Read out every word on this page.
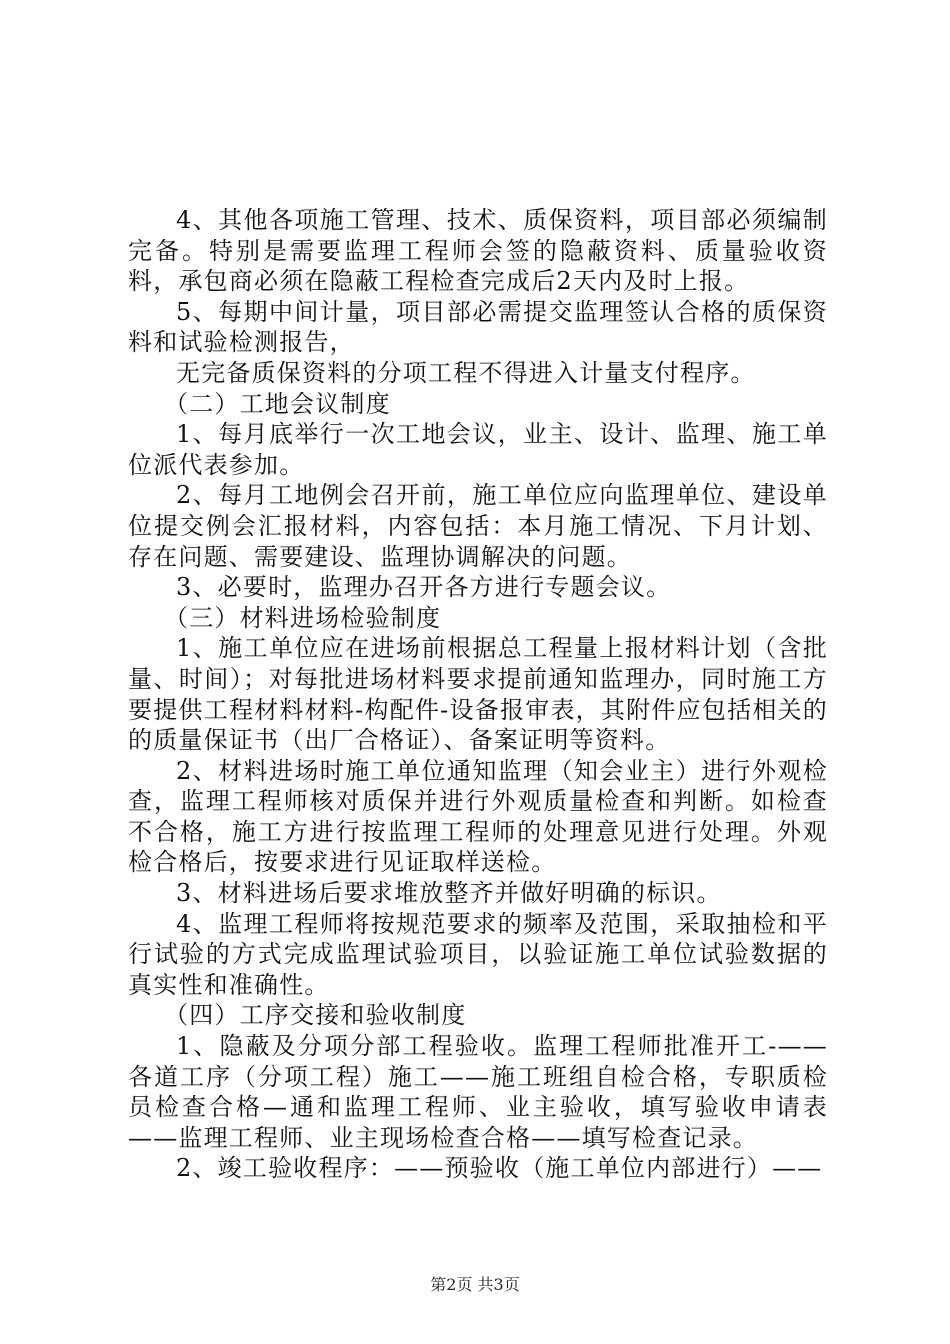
4、其他各项施工管理、技术、质保资料，项目部必须编制完备。特别是需要监理工程师会签的隐蔽资料、质量验收资料，承包商必须在隐蔽工程检查完成后2天内及时上报。

5、每期中间计量，项目部必需提交监理签认合格的质保资料和试验检测报告，

无完备质保资料的分项工程不得进入计量支付程序。

（二）工地会议制度

1、每月底举行一次工地会议，业主、设计、监理、施工单位派代表参加。

2、每月工地例会召开前，施工单位应向监理单位、建设单位提交例会汇报材料，内容包括：本月施工情况、下月计划、存在问题、需要建设、监理协调解决的问题。

3、必要时，监理办召开各方进行专题会议。

（三）材料进场检验制度

1、施工单位应在进场前根据总工程量上报材料计划（含批量、时间）；对每批进场材料要求提前通知监理办，同时施工方要提供工程材料材料-构配件-设备报审表，其附件应包括相关的的质量保证书（出厂合格证）、备案证明等资料。

2、材料进场时施工单位通知监理（知会业主）进行外观检查，监理工程师核对质保并进行外观质量检查和判断。如检查不合格，施工方进行按监理工程师的处理意见进行处理。外观检合格后，按要求进行见证取样送检。

3、材料进场后要求堆放整齐并做好明确的标识。

4、监理工程师将按规范要求的频率及范围，采取抽检和平行试验的方式完成监理试验项目，以验证施工单位试验数据的真实性和准确性。

（四）工序交接和验收制度

1、隐蔽及分项分部工程验收。监理工程师批准开工-——各道工序（分项工程）施工——施工班组自检合格，专职质检员检查合格—通和监理工程师、业主验收，填写验收申请表——监理工程师、业主现场检查合格——填写检查记录。

2、竣工验收程序：——预验收（施工单位内部进行）——

第2页 共3页
